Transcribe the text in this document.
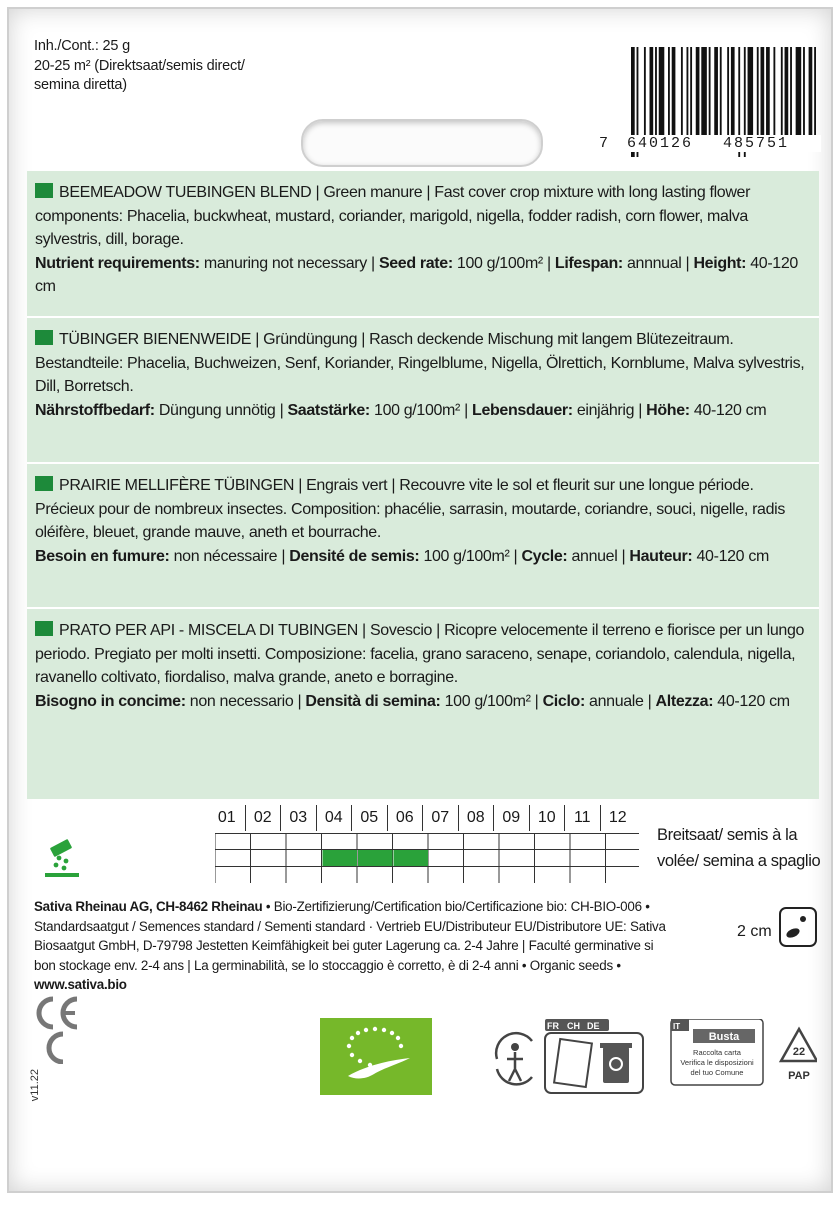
Inh./Cont.: 25 g
20-25 m² (Direktsaat/semis direct/
semina diretta)
7 640126 485751
BEEMEADOW TUEBINGEN BLEND | Green manure | Fast cover crop mixture with long lasting flower components: Phacelia, buckwheat, mustard, coriander, marigold, nigella, fodder radish, corn flower, malva sylvestris, dill, borage.
Nutrient requirements: manuring not necessary | Seed rate: 100 g/100m² | Lifespan: annnual | Height: 40-120 cm
TÜBINGER BIENENWEIDE | Gründüngung | Rasch deckende Mischung mit langem Blütezeitraum. Bestandteile: Phacelia, Buchweizen, Senf, Koriander, Ringelblume, Nigella, Ölrettich, Kornblume, Malva sylvestris, Dill, Borretsch.
Nährstoffbedarf: Düngung unnötig | Saatstärke: 100 g/100m² | Lebensdauer: einjährig | Höhe: 40-120 cm
PRAIRIE MELLIFÈRE TÜBINGEN | Engrais vert | Recouvre vite le sol et fleurit sur une longue période. Précieux pour de nombreux insectes. Composition: phacélie, sarrasin, moutarde, coriandre, souci, nigelle, radis oléifère, bleuet, grande mauve, aneth et bourrache.
Besoin en fumure: non nécessaire | Densité de semis: 100 g/100m² | Cycle: annuel | Hauteur: 40-120 cm
PRATO PER API - MISCELA DI TUBINGEN | Sovescio | Ricopre velocemente il terreno e fiorisce per un lungo periodo. Pregiato per molti insetti. Composizione: facelia, grano saraceno, senape, coriandolo, calendula, nigella, ravanello coltivato, fiordaliso, malva grande, aneto e borragine.
Bisogno in concime: non necessario | Densità di semina: 100 g/100m² | Ciclo: annuale | Altezza: 40-120 cm
01	02	03	04	05	06	07	08	09	10	11	12
Breitsaat/ semis à la volée/ semina a spaglio
2 cm
Sativa Rheinau AG, CH-8462 Rheinau • Bio-Zertifizierung/Certification bio/Certificazione bio: CH-BIO-006 • Standardsaatgut / Semences standard / Sementi standard · Vertrieb EU/Distributeur EU/Distributore UE: Sativa Biosaatgut GmbH, D-79798 Jestetten Keimfähigkeit bei guter Lagerung ca. 2-4 Jahre | Faculté germinative si bon stockage env. 2-4 ans | La germinabilità, se lo stoccaggio è corretto, è di 2-4 anni • Organic seeds • www.sativa.bio
v11.22
FR CH DE	IT
Busta
Raccolta carta
Verifica le disposizioni
del tuo Comune
22
PAP
